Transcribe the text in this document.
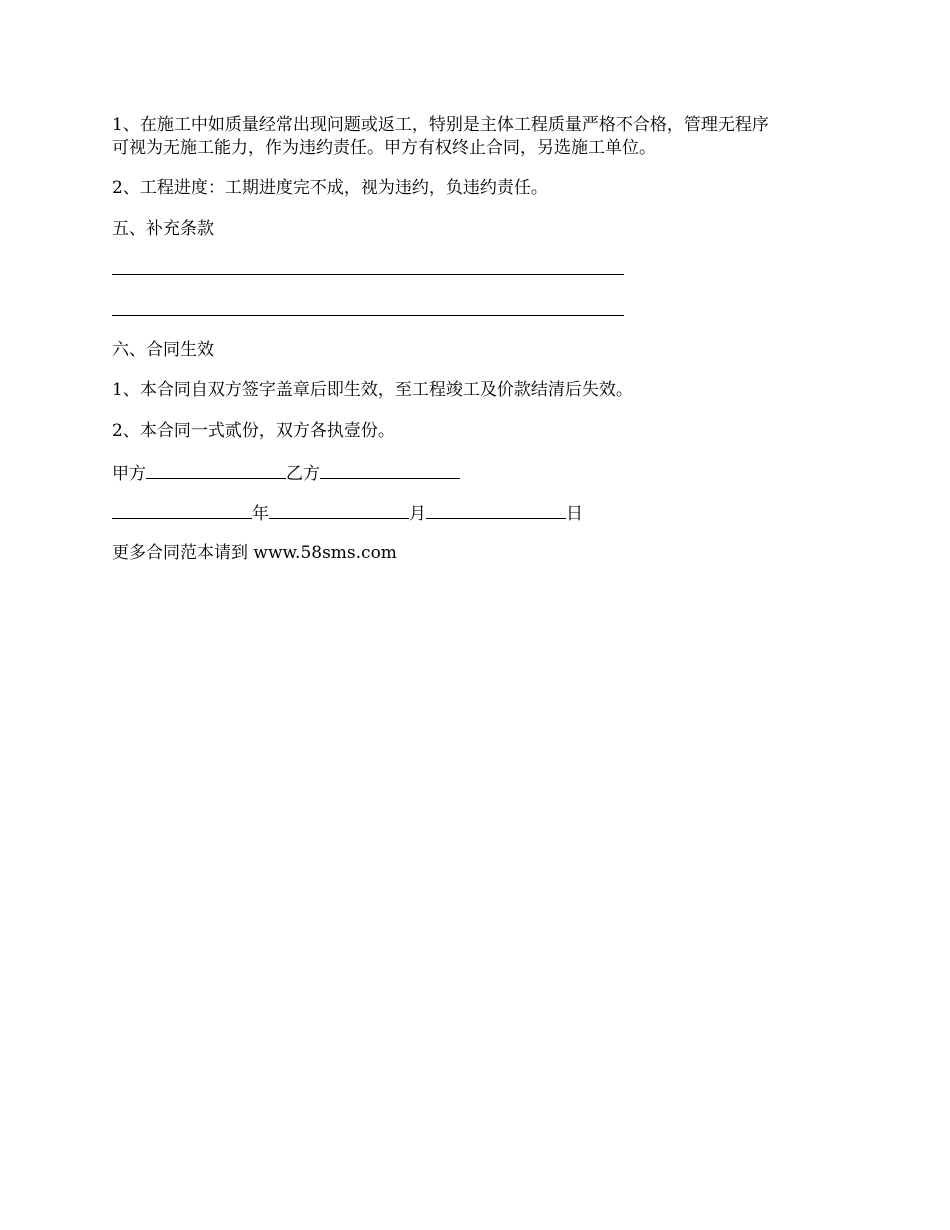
1、在施工中如质量经常出现问题或返工，特别是主体工程质量严格不合格，管理无程序
可视为无施工能力，作为违约责任。甲方有权终止合同，另选施工单位。
2、工程进度：工期进度完不成，视为违约，负违约责任。
五、补充条款
六、合同生效
1、本合同自双方签字盖章后即生效，至工程竣工及价款结清后失效。
2、本合同一式贰份，双方各执壹份。
甲方	乙方
年	月	日
更多合同范本请到 www.58sms.com
